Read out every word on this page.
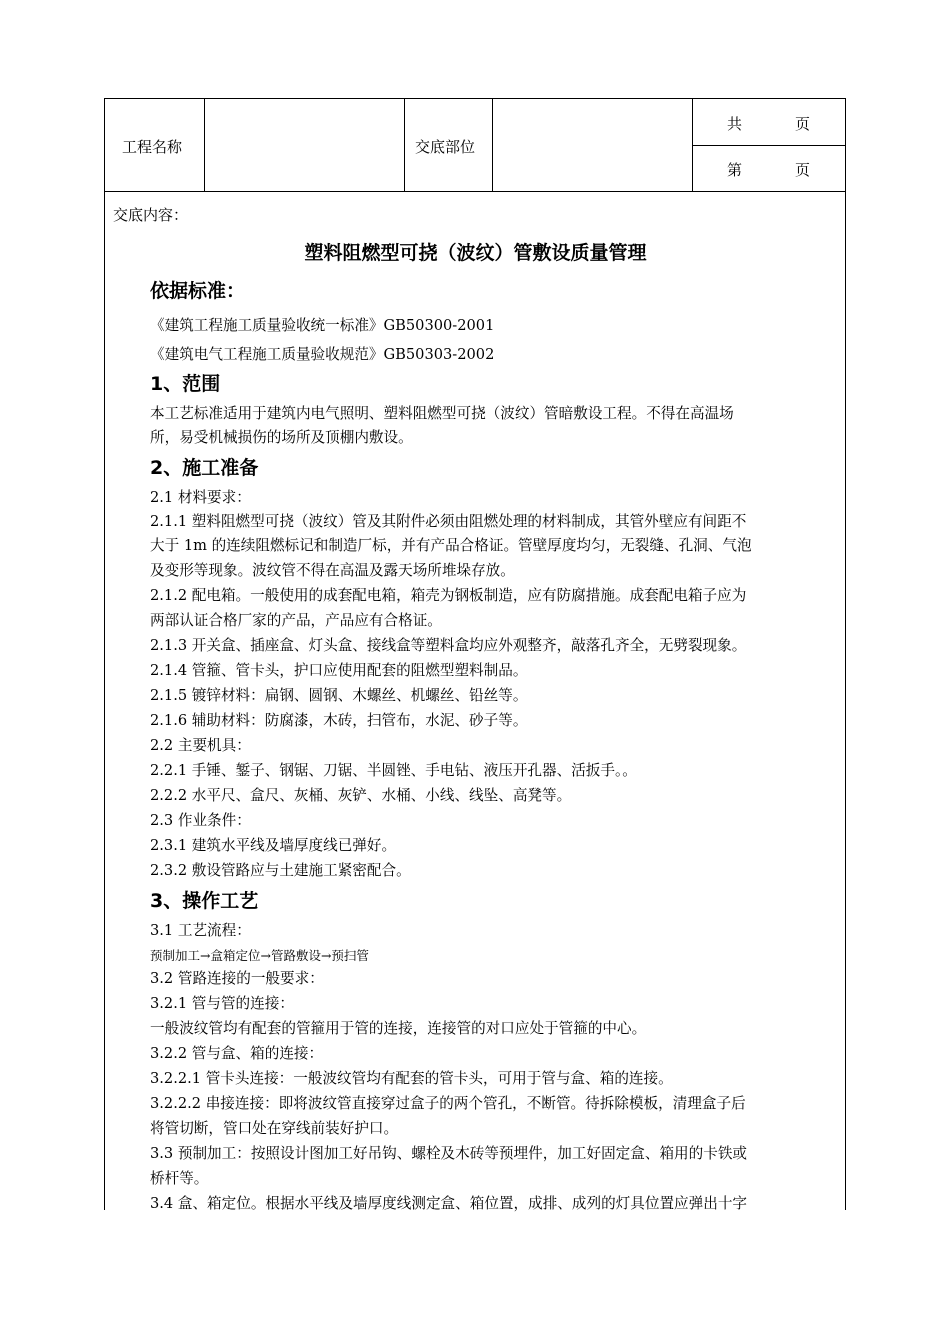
工程名称	交底部位
共	页
第	页
交底内容：
塑料阻燃型可挠（波纹）管敷设质量管理
依据标准：
《建筑工程施工质量验收统一标准》GB50300-2001
《建筑电气工程施工质量验收规范》GB50303-2002
1、范围
本工艺标准适用于建筑内电气照明、塑料阻燃型可挠（波纹）管暗敷设工程。不得在高温场
所，易受机械损伤的场所及顶棚内敷设。
2、施工准备
2.1 材料要求：
2.1.1 塑料阻燃型可挠（波纹）管及其附件必须由阻燃处理的材料制成，其管外壁应有间距不
大于 1m 的连续阻燃标记和制造厂标，并有产品合格证。管壁厚度均匀，无裂缝、孔洞、气泡
及变形等现象。波纹管不得在高温及露天场所堆垛存放。
2.1.2 配电箱。一般使用的成套配电箱，箱壳为钢板制造，应有防腐措施。成套配电箱子应为
两部认证合格厂家的产品，产品应有合格证。
2.1.3 开关盒、插座盒、灯头盒、接线盒等塑料盒均应外观整齐，敲落孔齐全，无劈裂现象。
2.1.4 管箍、管卡头，护口应使用配套的阻燃型塑料制品。
2.1.5 镀锌材料：扁钢、圆钢、木螺丝、机螺丝、铅丝等。
2.1.6 辅助材料：防腐漆，木砖，扫管布，水泥、砂子等。
2.2 主要机具：
2.2.1 手锤、錾子、钢锯、刀锯、半圆锉、手电钻、液压开孔器、活扳手。。
2.2.2 水平尺、盒尺、灰桶、灰铲、水桶、小线、线坠、高凳等。
2.3 作业条件：
2.3.1 建筑水平线及墙厚度线已弹好。
2.3.2 敷设管路应与土建施工紧密配合。
3、操作工艺
3.1 工艺流程：
预制加工→盒箱定位→管路敷设→预扫管
3.2 管路连接的一般要求：
3.2.1 管与管的连接：
一般波纹管均有配套的管箍用于管的连接，连接管的对口应处于管箍的中心。
3.2.2 管与盒、箱的连接：
3.2.2.1 管卡头连接：一般波纹管均有配套的管卡头，可用于管与盒、箱的连接。
3.2.2.2 串接连接：即将波纹管直接穿过盒子的两个管孔，不断管。待拆除模板，清理盒子后
将管切断，管口处在穿线前装好护口。
3.3 预制加工：按照设计图加工好吊钩、螺栓及木砖等预埋件，加工好固定盒、箱用的卡铁或
桥杆等。
3.4 盒、箱定位。根据水平线及墙厚度线测定盒、箱位置，成排、成列的灯具位置应弹出十字
